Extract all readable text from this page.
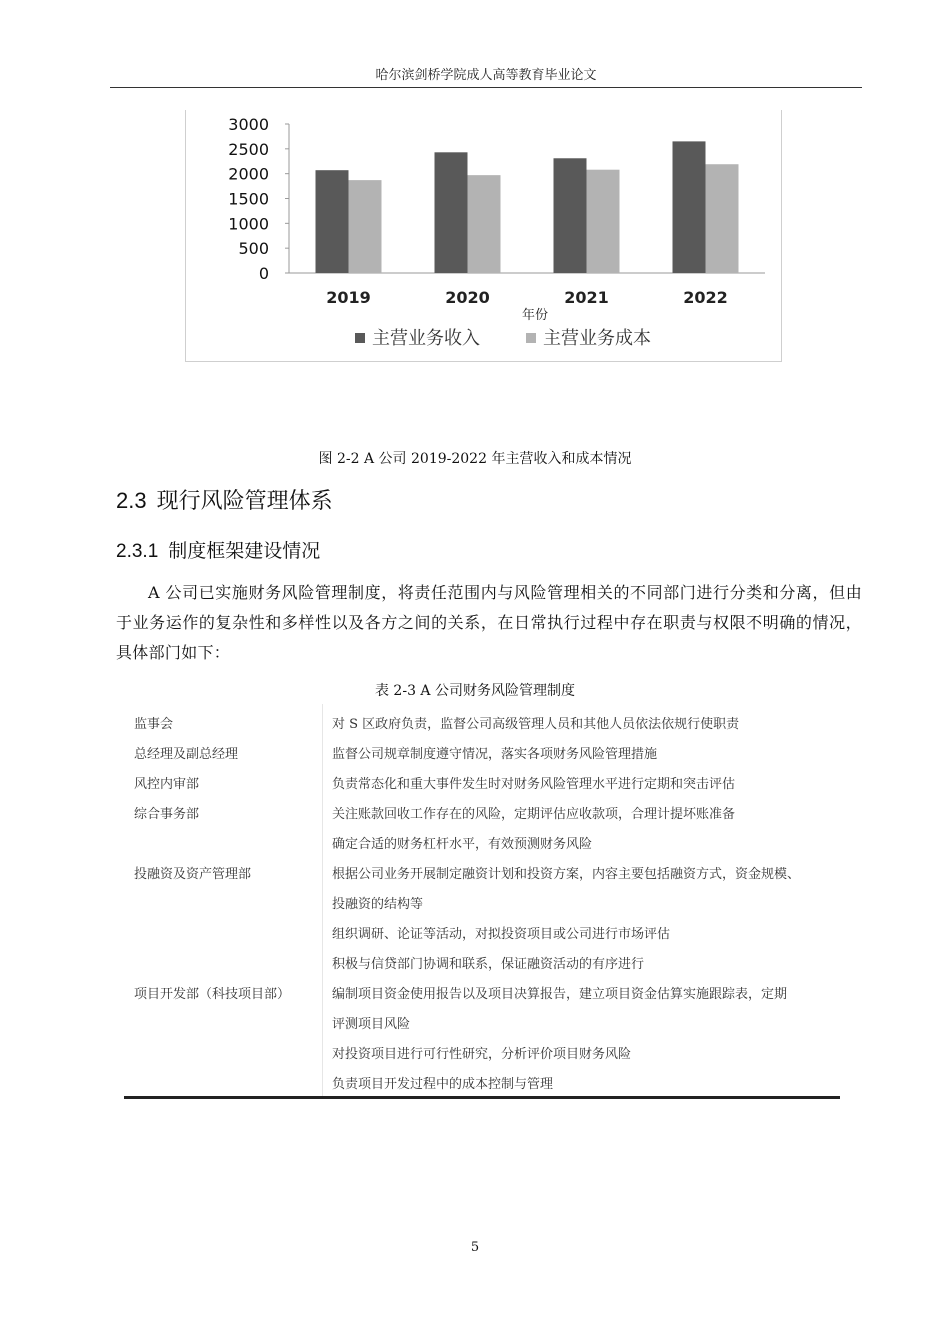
哈尔滨剑桥学院成人高等教育毕业论文
0
500
1000
1500
2000
2500
3000
2019	2020	2021	2022
年份
主营业务收入	主营业务成本
图 2-2 A 公司 2019-2022 年主营收入和成本情况
2.3 现行风险管理体系
2.3.1 制度框架建设情况
A 公司已实施财务风险管理制度，将责任范围内与风险管理相关的不同部门进行分类和分离，但由于业务运作的复杂性和多样性以及各方之间的关系，在日常执行过程中存在职责与权限不明确的情况，具体部门如下：
表 2-3 A 公司财务风险管理制度
监事会	对 S 区政府负责，监督公司高级管理人员和其他人员依法依规行使职责
总经理及副总经理	监督公司规章制度遵守情况，落实各项财务风险管理措施
风控内审部	负责常态化和重大事件发生时对财务风险管理水平进行定期和突击评估
综合事务部	关注账款回收工作存在的风险，定期评估应收款项，合理计提坏账准备
确定合适的财务杠杆水平，有效预测财务风险
投融资及资产管理部	根据公司业务开展制定融资计划和投资方案，内容主要包括融资方式，资金规模、
投融资的结构等
组织调研、论证等活动，对拟投资项目或公司进行市场评估
积极与信贷部门协调和联系，保证融资活动的有序进行
项目开发部（科技项目部）	编制项目资金使用报告以及项目决算报告，建立项目资金估算实施跟踪表，定期
评测项目风险
对投资项目进行可行性研究，分析评价项目财务风险
负责项目开发过程中的成本控制与管理
5
